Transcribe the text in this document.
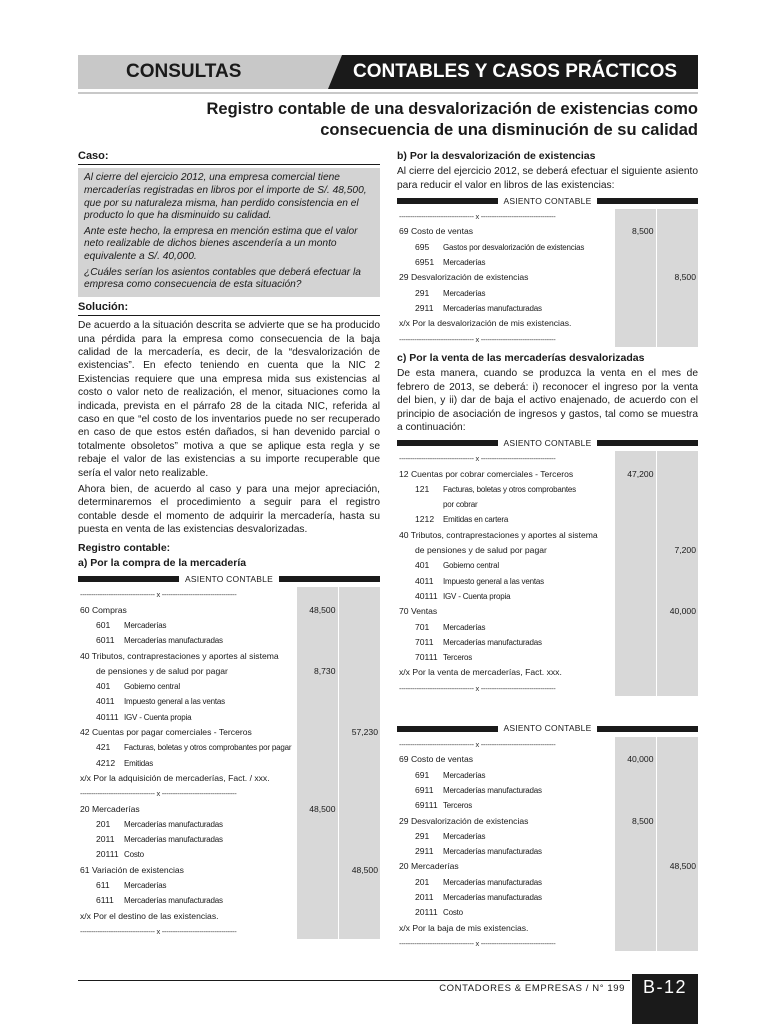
CONSULTAS	CONTABLES Y CASOS PRÁCTICOS
Registro contable de una desvalorización de existencias como
consecuencia de una disminución de su calidad
Caso:

Al cierre del ejercicio 2012, una empresa comercial tiene mercaderías registradas en libros por el importe de S/. 48,500, que por su naturaleza misma, han perdido consistencia en el producto lo que ha disminuido su calidad.

Ante este hecho, la empresa en mención estima que el valor neto realizable de dichos bienes ascendería a un monto equivalente a S/. 40,000.

¿Cuáles serían los asientos contables que deberá efectuar la empresa como consecuencia de esta situación?

Solución:

De acuerdo a la situación descrita se advierte que se ha producido una pérdida para la empresa como consecuencia de la baja calidad de la mercadería, es decir, de la “desvalorización de existencias”. En efecto teniendo en cuenta que la NIC 2 Existencias requiere que una empresa mida sus existencias al costo o valor neto de realización, el menor, situaciones como la indicada, prevista en el párrafo 28 de la citada NIC, referida al caso en que “el costo de los inventarios puede no ser recuperado en caso de que estos estén dañados, si han devenido parcial o totalmente obsoletos” motiva a que se aplique esta regla y se rebaje el valor de las existencias a su importe recuperable que sería el valor neto realizable.

Ahora bien, de acuerdo al caso y para una mejor apreciación, determinaremos el procedimiento a seguir para el registro contable desde el momento de adquirir la mercadería, hasta su puesta en venta de las existencias desvalorizadas.

Registro contable:
a) Por la compra de la mercadería
ASIENTO CONTABLE
---------------------------------- x ----------------------------------		
60 Compras	48,500	
601 Mercaderías		
6011 Mercaderías manufacturadas		
40 Tributos, contraprestaciones y aportes al sistema		
de pensiones y de salud por pagar	8,730	
401 Gobierno central		
4011 Impuesto general a las ventas		
40111 IGV - Cuenta propia		
42 Cuentas por pagar comerciales - Terceros		57,230
421 Facturas, boletas y otros comprobantes por pagar		
4212 Emitidas		
x/x Por la adquisición de mercaderías, Fact. / xxx.		
---------------------------------- x ----------------------------------		
20 Mercaderías	48,500	
201 Mercaderías manufacturadas		
2011 Mercaderías manufacturadas		
20111 Costo		
61 Variación de existencias		48,500
611 Mercaderías		
6111 Mercaderías manufacturadas		
x/x Por el destino de las existencias.		
---------------------------------- x ----------------------------------		
b) Por la desvalorización de existencias

Al cierre del ejercicio 2012, se deberá efectuar el siguiente asiento para reducir el valor en libros de las existencias:

ASIENTO CONTABLE
---------------------------------- x ----------------------------------		
69 Costo de ventas	8,500	
695 Gastos por desvalorización de existencias		
6951 Mercaderías		
29 Desvalorización de existencias		8,500
291 Mercaderías		
2911 Mercaderías manufacturadas		
x/x Por la desvalorización de mis existencias.		
---------------------------------- x ----------------------------------		
c) Por la venta de las mercaderías desvalorizadas

De esta manera, cuando se produzca la venta en el mes de febrero de 2013, se deberá: i) reconocer el ingreso por la venta del bien, y ii) dar de baja el activo enajenado, de acuerdo con el principio de asociación de ingresos y gastos, tal como se muestra a continuación:

ASIENTO CONTABLE
---------------------------------- x ----------------------------------		
12 Cuentas por cobrar comerciales - Terceros	47,200	
121 Facturas, boletas y otros comprobantes		
por cobrar		
1212 Emitidas en cartera		
40 Tributos, contraprestaciones y aportes al sistema		
de pensiones y de salud por pagar		7,200
401 Gobierno central		
4011 Impuesto general a las ventas		
40111 IGV - Cuenta propia		
70 Ventas		40,000
701 Mercaderías		
7011 Mercaderías manufacturadas		
70111 Terceros		
x/x Por la venta de mercaderías, Fact. xxx.		
---------------------------------- x ----------------------------------		
ASIENTO CONTABLE
---------------------------------- x ----------------------------------		
69 Costo de ventas	40,000	
691 Mercaderías		
6911 Mercaderías manufacturadas		
69111 Terceros		
29 Desvalorización de existencias	8,500	
291 Mercaderías		
2911 Mercaderías manufacturadas		
20 Mercaderías		48,500
201 Mercaderías manufacturadas		
2011 Mercaderías manufacturadas		
20111 Costo		
x/x Por la baja de mis existencias.		
---------------------------------- x ----------------------------------		
CONTADORES & EMPRESAS / N° 199 B-12
